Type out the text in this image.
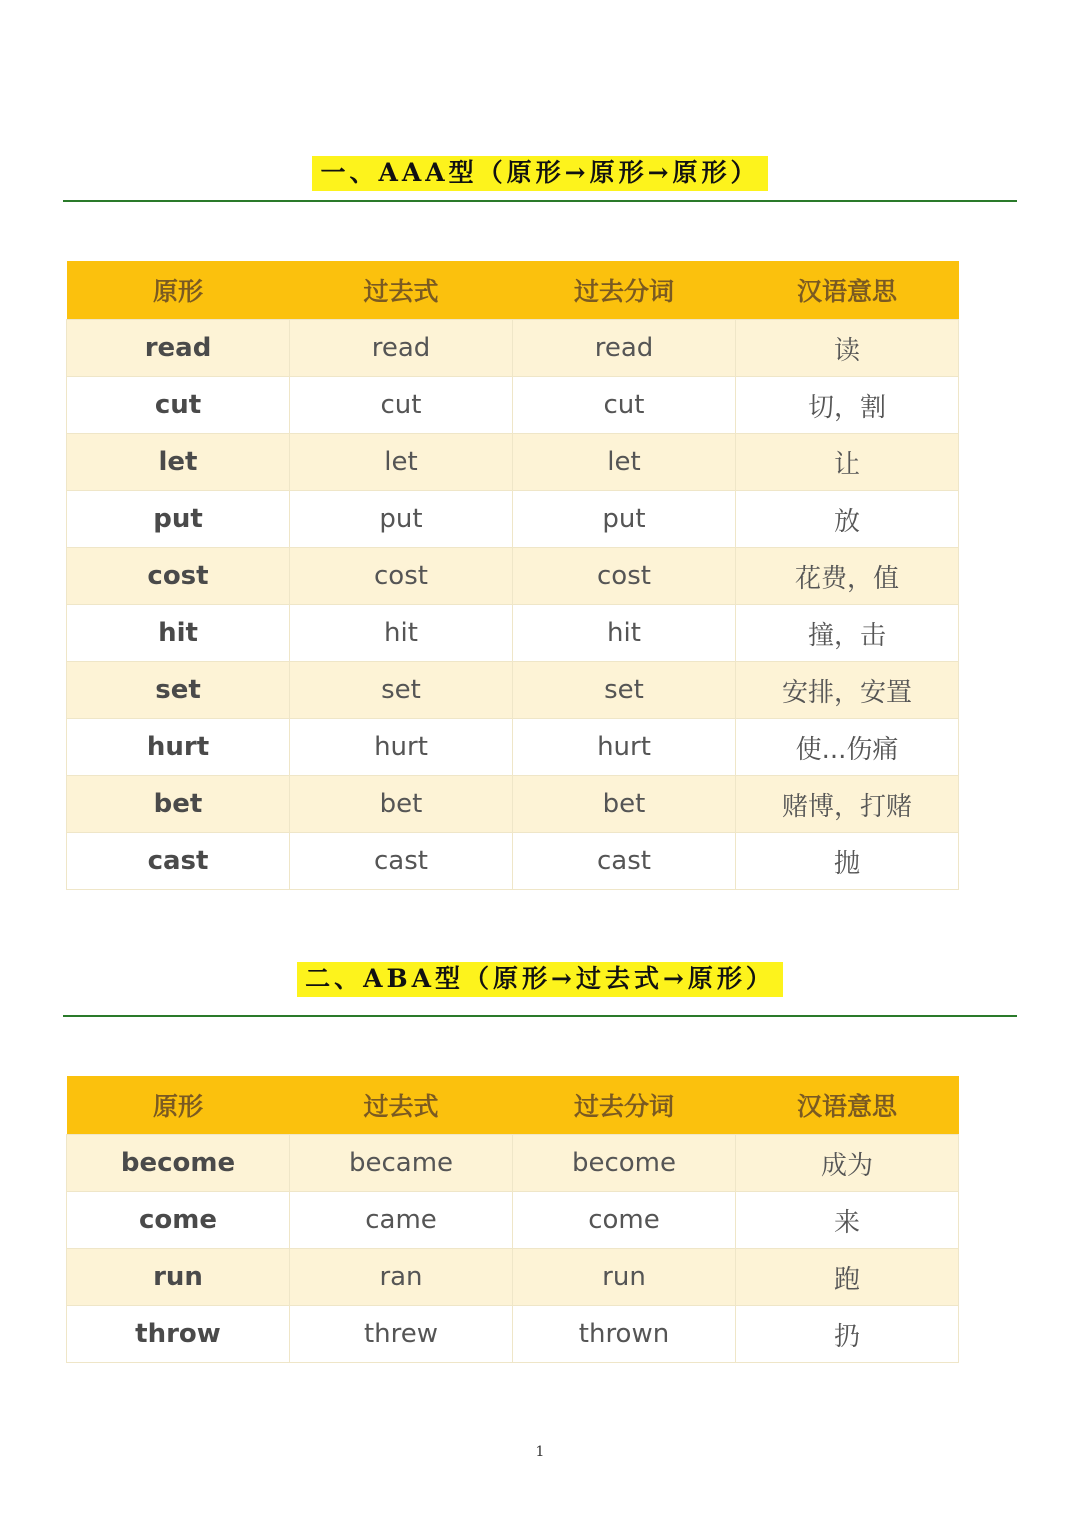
一、AAA型（原形→原形→原形）
原形	过去式	过去分词	汉语意思
read	read	read	读
cut	cut	cut	切，割
let	let	let	让
put	put	put	放
cost	cost	cost	花费，值
hit	hit	hit	撞，击
set	set	set	安排，安置
hurt	hurt	hurt	使...伤痛
bet	bet	bet	赌博，打赌
cast	cast	cast	抛
二、ABA型（原形→过去式→原形）
原形	过去式	过去分词	汉语意思
become	became	become	成为
come	came	come	来
run	ran	run	跑
throw	threw	thrown	扔
1
